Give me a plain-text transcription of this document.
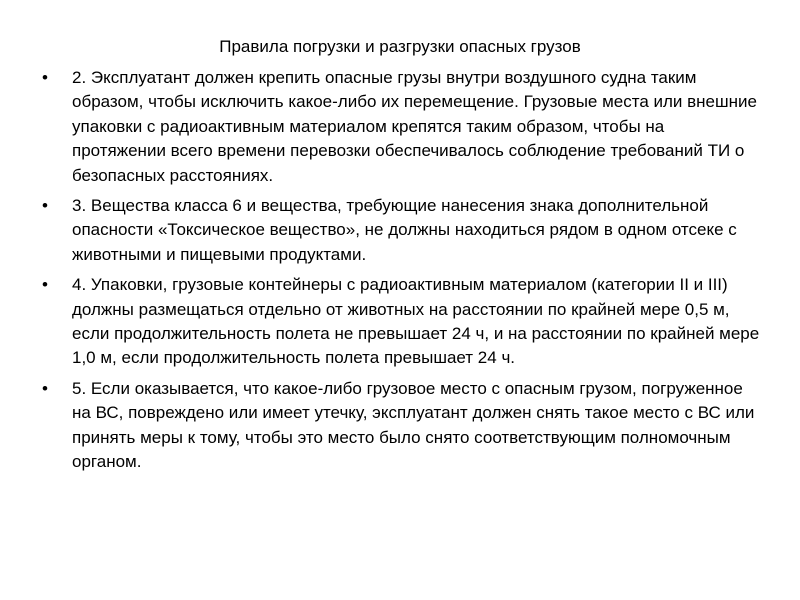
Правила погрузки и разгрузки опасных грузов
•	2. Эксплуатант должен крепить опасные грузы внутри воздушного судна таким образом, чтобы исключить какое-либо их перемещение. Грузовые места или внешние упаковки с радиоактивным материалом крепятся таким образом, чтобы на протяжении всего времени перевозки обеспечивалось соблюдение требований ТИ о безопасных расстояниях.
•	3. Вещества класса 6 и вещества, требующие нанесения знака дополнительной опасности «Токсическое вещество», не должны находиться рядом в одном отсеке с животными и пищевыми продуктами.
•	4. Упаковки, грузовые контейнеры с радиоактивным материалом (категории II и III) должны размещаться отдельно от животных на расстоянии по крайней мере 0,5 м, если продолжительность полета не превышает 24 ч, и на расстоянии по крайней мере 1,0 м, если продолжительность полета превышает 24 ч.
•	5. Если оказывается, что какое-либо грузовое место с опасным грузом, погруженное на ВС, повреждено или имеет утечку, эксплуатант должен снять такое место с ВС или принять меры к тому, чтобы это место было снято соответствующим полномочным органом.
